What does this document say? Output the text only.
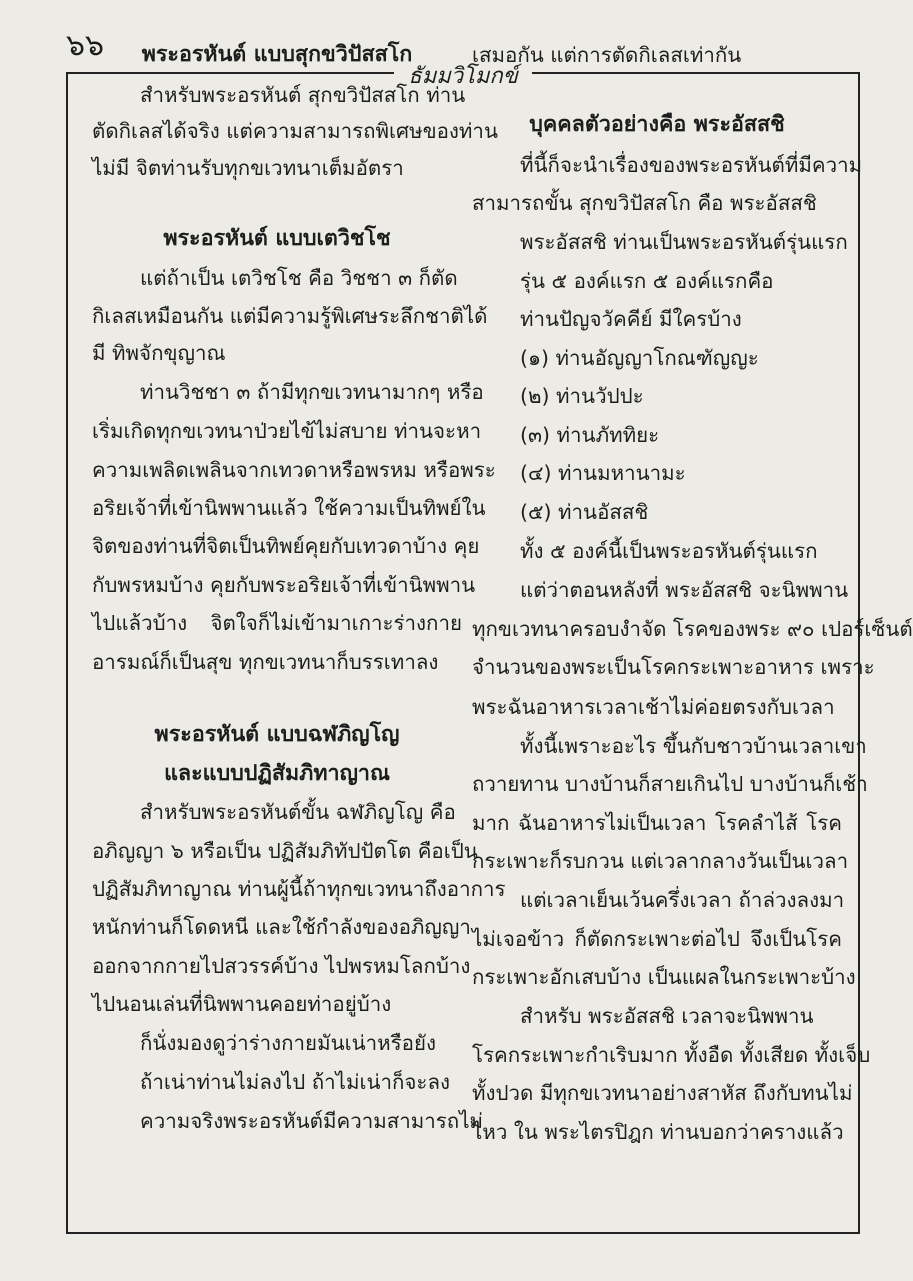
๖๖
ธัมมวิโมกข์
พระอรหันต์ แบบสุกขวิปัสสโก
สำหรับพระอรหันต์ สุกขวิปัสสโก ท่าน
ตัดกิเลสได้จริง แต่ความสามารถพิเศษของท่าน
ไม่มี จิตท่านรับทุกขเวทนาเต็มอัตรา
พระอรหันต์ แบบเตวิชโช
แต่ถ้าเป็น เตวิชโช คือ วิชชา ๓ ก็ตัด
กิเลสเหมือนกัน แต่มีความรู้พิเศษระลึกชาติได้
มี ทิพจักขุญาณ
ท่านวิชชา ๓ ถ้ามีทุกขเวทนามากๆ หรือ
เริ่มเกิดทุกขเวทนาป่วยไข้ไม่สบาย ท่านจะหา
ความเพลิดเพลินจากเทวดาหรือพรหม หรือพระ
อริยเจ้าที่เข้านิพพานแล้ว ใช้ความเป็นทิพย์ใน
จิตของท่านที่จิตเป็นทิพย์คุยกับเทวดาบ้าง คุย
กับพรหมบ้าง คุยกับพระอริยเจ้าที่เข้านิพพาน
ไปแล้วบ้าง จิตใจก็ไม่เข้ามาเกาะร่างกาย
อารมณ์ก็เป็นสุข ทุกขเวทนาก็บรรเทาลง
พระอรหันต์ แบบฉฬภิญโญ
และแบบปฏิสัมภิทาญาณ
สำหรับพระอรหันต์ขั้น ฉฬภิญโญ คือ
อภิญญา ๖ หรือเป็น ปฏิสัมภิทัปปัตโต คือเป็น
ปฏิสัมภิทาญาณ ท่านผู้นี้ถ้าทุกขเวทนาถึงอาการ
หนักท่านก็โดดหนี และใช้กำลังของอภิญญา
ออกจากกายไปสวรรค์บ้าง ไปพรหมโลกบ้าง
ไปนอนเล่นที่นิพพานคอยท่าอยู่บ้าง
ก็นั่งมองดูว่าร่างกายมันเน่าหรือยัง
ถ้าเน่าท่านไม่ลงไป ถ้าไม่เน่าก็จะลง
ความจริงพระอรหันต์มีความสามารถไม่
เสมอกัน แต่การตัดกิเลสเท่ากัน
บุคคลตัวอย่างคือ พระอัสสชิ
ที่นี้ก็จะนำเรื่องของพระอรหันต์ที่มีความ
สามารถขั้น สุกขวิปัสสโก คือ พระอัสสชิ
พระอัสสชิ ท่านเป็นพระอรหันต์รุ่นแรก
รุ่น ๕ องค์แรก ๕ องค์แรกคือ
ท่านปัญจวัคคีย์ มีใครบ้าง
(๑) ท่านอัญญาโกณฑัญญะ
(๒) ท่านวัปปะ
(๓) ท่านภัททิยะ
(๔) ท่านมหานามะ
(๕) ท่านอัสสชิ
ทั้ง ๕ องค์นี้เป็นพระอรหันต์รุ่นแรก
แต่ว่าตอนหลังที่ พระอัสสชิ จะนิพพาน
ทุกขเวทนาครอบงำจัด โรคของพระ ๙๐ เปอร์เซ็นต์
จำนวนของพระเป็นโรคกระเพาะอาหาร เพราะ
พระฉันอาหารเวลาเช้าไม่ค่อยตรงกับเวลา
ทั้งนี้เพราะอะไร ขึ้นกับชาวบ้านเวลาเขา
ถวายทาน บางบ้านก็สายเกินไป บางบ้านก็เช้า
มาก ฉันอาหารไม่เป็นเวลา โรคลำไส้ โรค
กระเพาะก็รบกวน แต่เวลากลางวันเป็นเวลา
แต่เวลาเย็นเว้นครึ่งเวลา ถ้าล่วงลงมา
ไม่เจอข้าว ก็ตัดกระเพาะต่อไป จึงเป็นโรค
กระเพาะอักเสบบ้าง เป็นแผลในกระเพาะบ้าง
สำหรับ พระอัสสชิ เวลาจะนิพพาน
โรคกระเพาะกำเริบมาก ทั้งอืด ทั้งเสียด ทั้งเจ็บ
ทั้งปวด มีทุกขเวทนาอย่างสาหัส ถึงกับทนไม่
ไหว ใน พระไตรปิฎก ท่านบอกว่าครางแล้ว
